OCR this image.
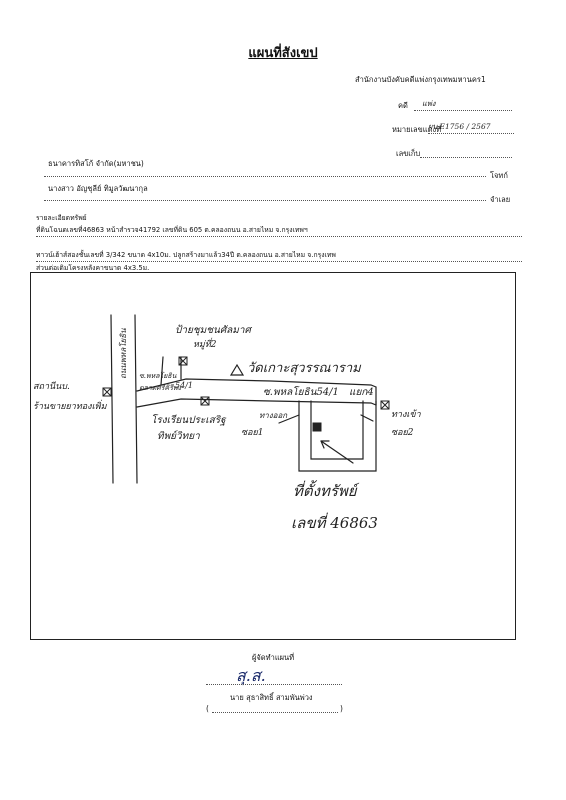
แผนที่สังเขป
สำนักงานบังคับคดีแพ่งกรุงเทพมหานคร1
คดี แพ่ง
หมายเลขแดงที่
ผบ.E1756 / 2567
เลขเก็บ
ธนาคารทิสโก้ จำกัด(มหาชน)
โจทก์
นางสาว อัญชุลีย์ ทิมูลวัฒนากุล
จำเลย
รายละเอียดทรัพย์
ที่ดินโฉนดเลขที่46863 หน้าสำรวจ41792 เลขที่ดิน 605 ต.คลองถนน อ.สายไหม จ.กรุงเทพฯ
ทาวน์เฮ้าส์สองชั้นเลขที่ 3/342 ขนาด 4x10ม. ปลูกสร้างมาแล้ว34ปี ต.คลองถนน อ.สายไหม จ.กรุงเทพ
ส่วนต่อเติมโครงหลังคาขนาด 4x3.5ม.
ป้ายชุมชนศัลมาศ
หมู่ที่2
วัดเกาะสุวรรณาราม
ซ.พหลโยธิน54/1 แยก4
54/1
สถานีนบ.
ร้านขายยาทองเพิ่ม
ตลาดศรีคิรีพง
โรงเรียนประเสริฐ
ทิพย์วิทยา
ถนนพหลโยธิน ซ.พหลโยธิน
ทางออก
ซอย1
ทางเข้า
ซอย2
ที่ตั้งทรัพย์
เลขที่ 46863
ผู้จัดทำแผนที่
สุ.ส.
นาย สุธาสิทธิ์ สามพันพ่วง
(	)
